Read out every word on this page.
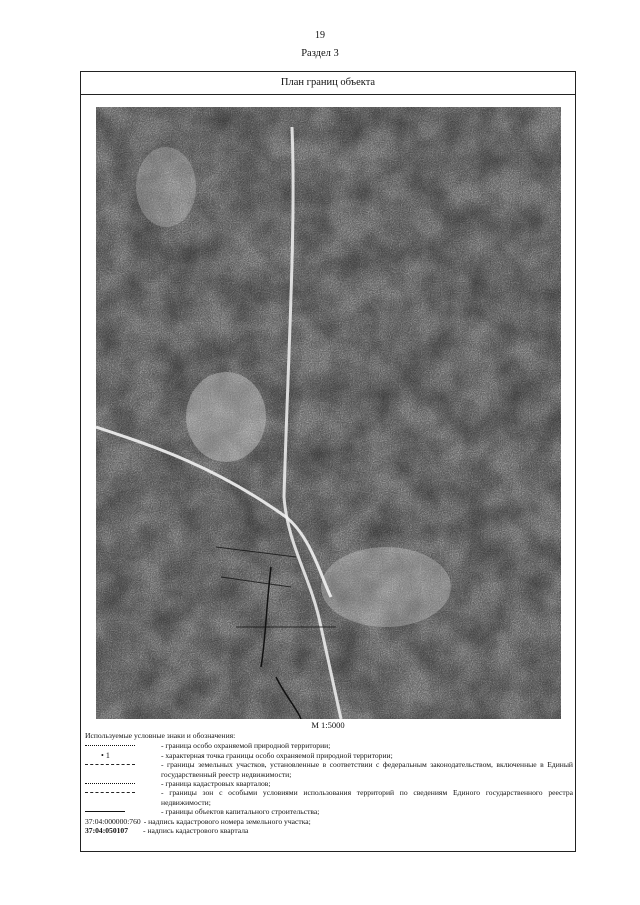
19
Раздел 3
План границ объекта
М 1:5000
Используемые условные знаки и обозначения:
- граница особо охраняемой природной территории;
• 1	- характерная точка границы особо охраняемой природной территории;
- границы земельных участков, установленные в соответствии с федеральным законодательством, включенные в Единый государственный реестр недвижимости;
- граница кадастровых кварталов;
- границы зон с особыми условиями использования территорий по сведениям Единого государственного реестра недвижимости;
- границы объектов капитального строительства;
37:04:000000:760 - надпись кадастрового номера земельного участка;
37:04:050107	- надпись кадастрового квартала
